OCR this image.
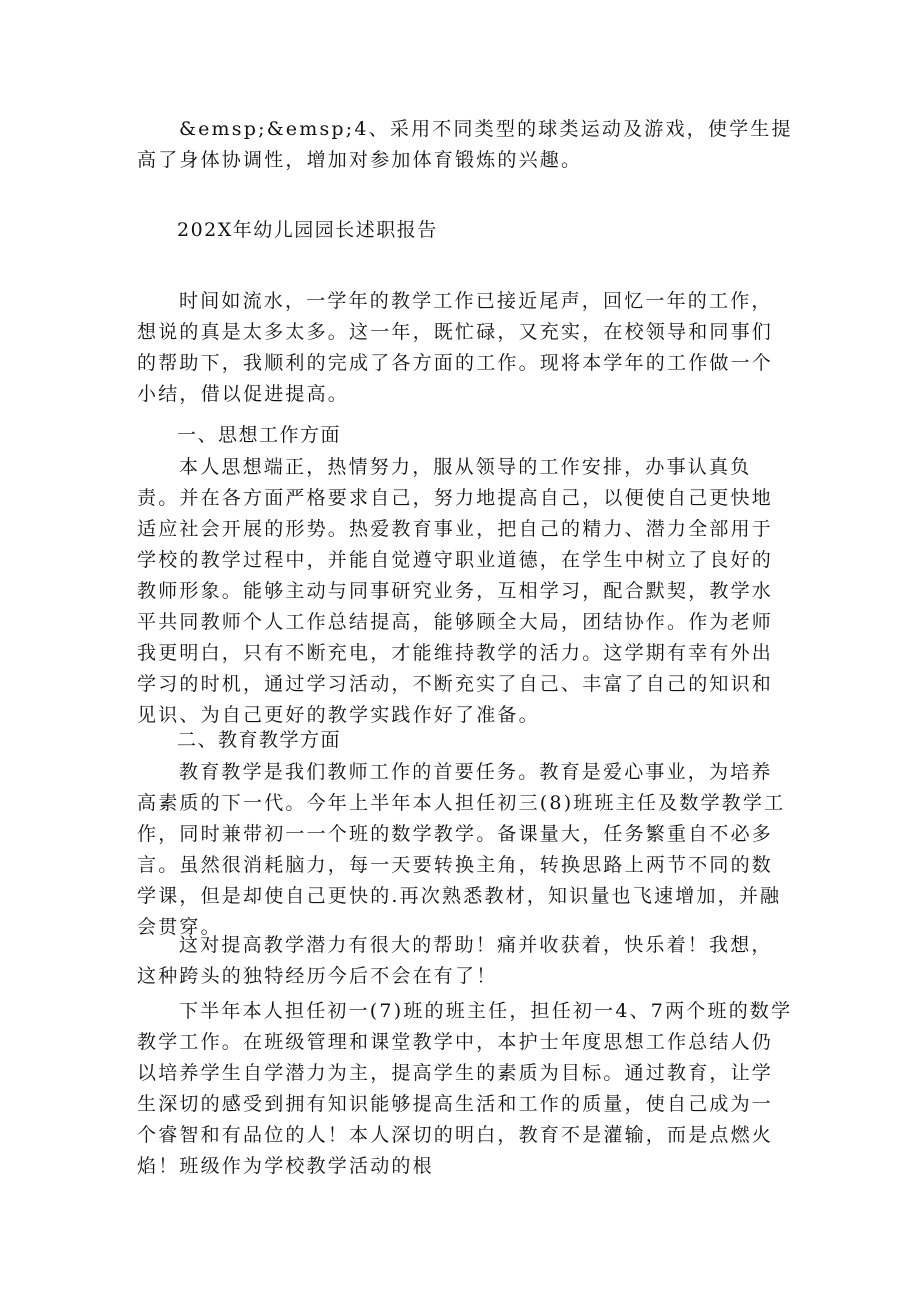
&emsp;&emsp;4、采用不同类型的球类运动及游戏，使学生提高了身体协调性，增加对参加体育锻炼的兴趣。

202X年幼儿园园长述职报告

时间如流水，一学年的教学工作已接近尾声，回忆一年的工作，想说的真是太多太多。这一年，既忙碌，又充实，在校领导和同事们的帮助下，我顺利的完成了各方面的工作。现将本学年的工作做一个小结，借以促进提高。

一、思想工作方面

本人思想端正，热情努力，服从领导的工作安排，办事认真负责。并在各方面严格要求自己，努力地提高自己，以便使自己更快地适应社会开展的形势。热爱教育事业，把自己的精力、潜力全部用于学校的教学过程中，并能自觉遵守职业道德，在学生中树立了良好的教师形象。能够主动与同事研究业务，互相学习，配合默契，教学水平共同教师个人工作总结提高，能够顾全大局，团结协作。作为老师我更明白，只有不断充电，才能维持教学的活力。这学期有幸有外出学习的时机，通过学习活动，不断充实了自己、丰富了自己的知识和见识、为自己更好的教学实践作好了准备。

二、教育教学方面

教育教学是我们教师工作的首要任务。教育是爱心事业，为培养高素质的下一代。今年上半年本人担任初三(8)班班主任及数学教学工作，同时兼带初一一个班的数学教学。备课量大，任务繁重自不必多言。虽然很消耗脑力，每一天要转换主角，转换思路上两节不同的数学课，但是却使自己更快的.再次熟悉教材，知识量也飞速增加，并融会贯穿。

这对提高教学潜力有很大的帮助！痛并收获着，快乐着！我想，这种跨头的独特经历今后不会在有了！

下半年本人担任初一(7)班的班主任，担任初一4、7两个班的数学教学工作。在班级管理和课堂教学中，本护士年度思想工作总结人仍以培养学生自学潜力为主，提高学生的素质为目标。通过教育，让学生深切的感受到拥有知识能够提高生活和工作的质量，使自己成为一个睿智和有品位的人！本人深切的明白，教育不是灌输，而是点燃火焰！班级作为学校教学活动的根
